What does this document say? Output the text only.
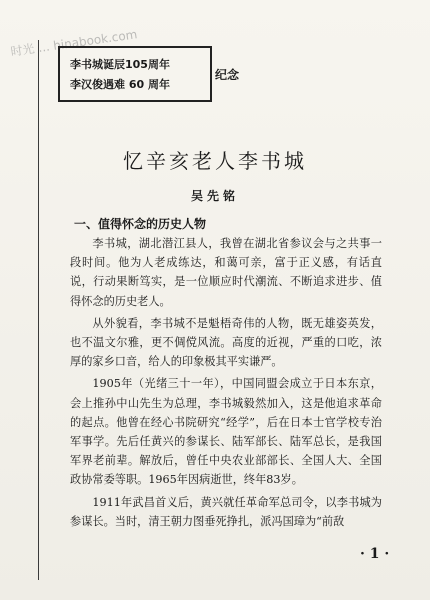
时光 ... hinabook.com
李书城诞辰105周年
李汉俊遇难 60 周年
纪念
忆辛亥老人李书城
吴先铭
一、值得怀念的历史人物

李书城，湖北潜江县人，我曾在湖北省参议会与之共事一段时间。他为人老成练达，和蔼可亲，富于正义感，有话直说，行动果断笃实，是一位顺应时代潮流、不断追求进步、值得怀念的历史老人。

从外貌看，李书城不是魁梧奇伟的人物，既无雄姿英发，也不温文尔雅，更不倜傥风流。高度的近视，严重的口吃，浓厚的家乡口音，给人的印象极其平实谦严。

1905年（光绪三十一年），中国同盟会成立于日本东京，会上推孙中山先生为总理，李书城毅然加入，这是他追求革命的起点。他曾在经心书院研究“经学”，后在日本士官学校专治军事学。先后任黄兴的参谋长、陆军部长、陆军总长，是我国军界老前辈。解放后，曾任中央农业部部长、全国人大、全国政协常委等职。1965年因病逝世，终年83岁。

1911年武昌首义后，黄兴就任革命军总司令，以李书城为参谋长。当时，清王朝力图垂死挣扎，派冯国璋为“前敌

· 1 ·
